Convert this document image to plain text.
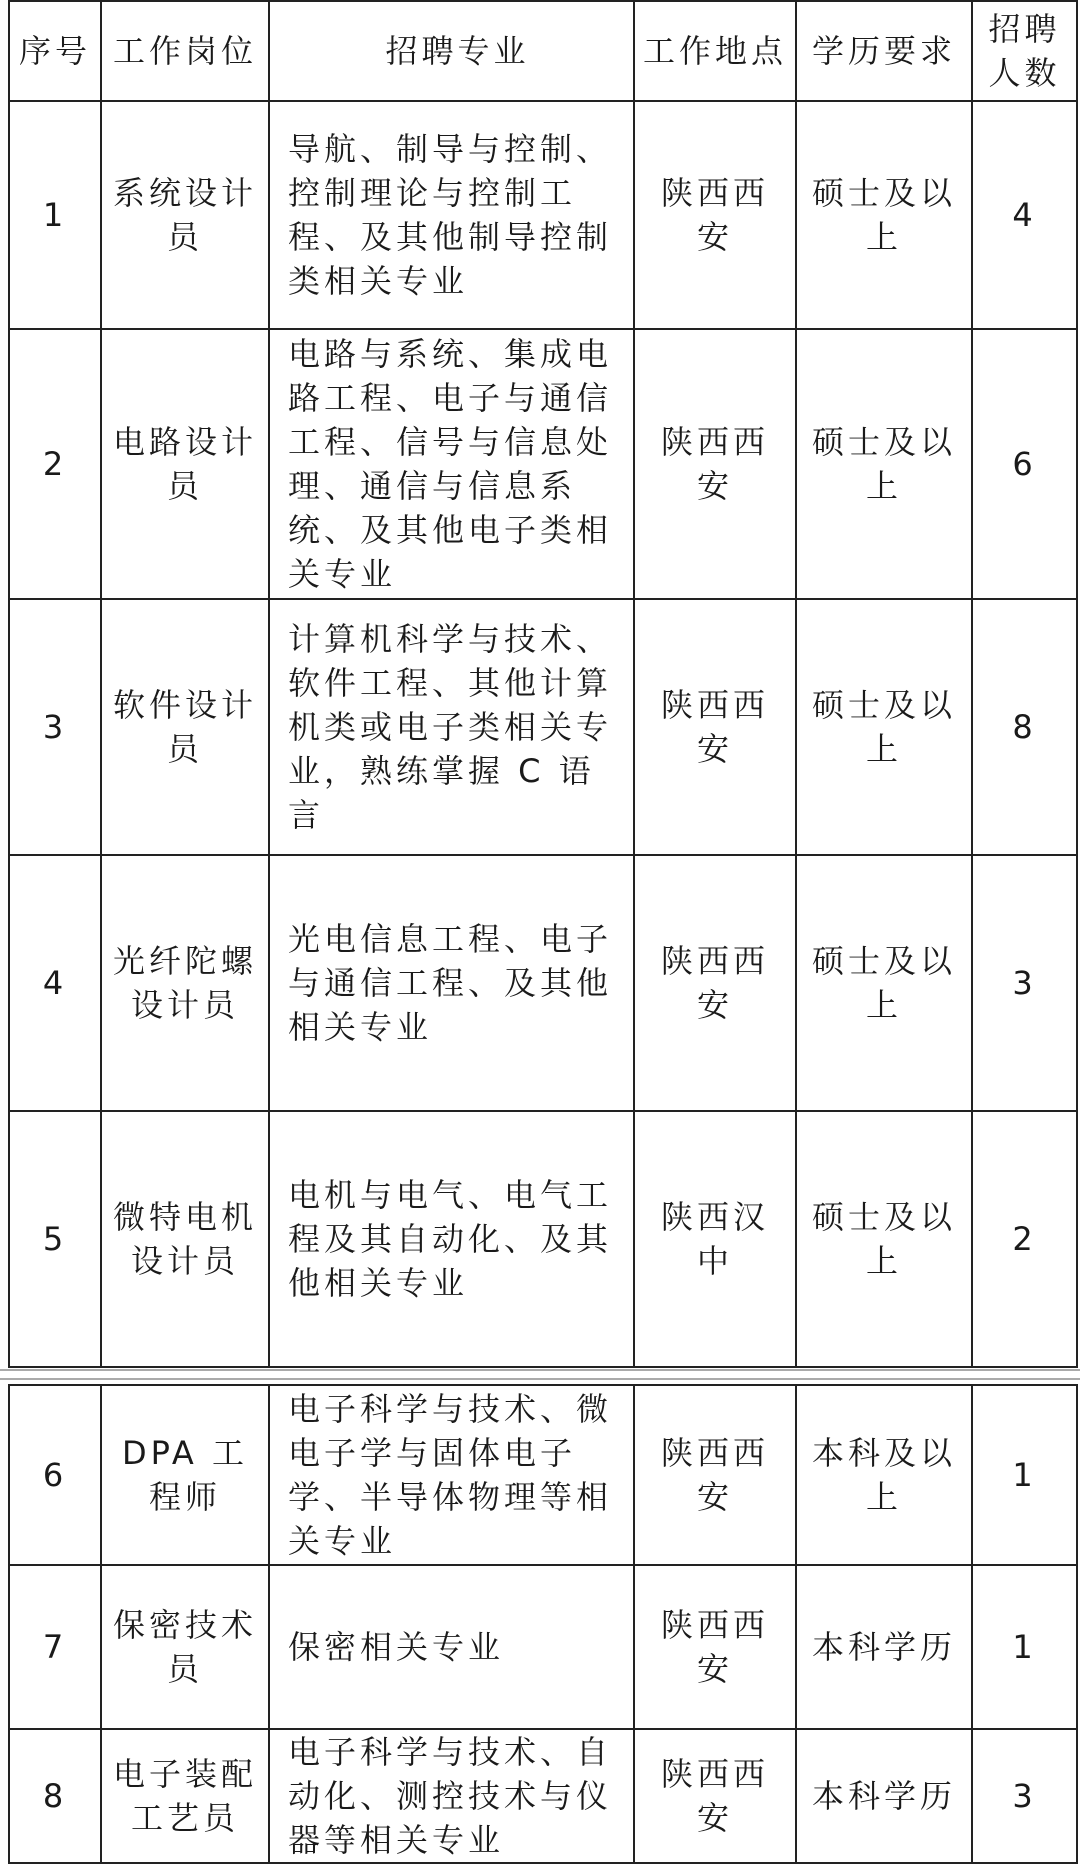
序号	工作岗位	招聘专业	工作地点	学历要求	招聘人数

1	系统设计员	导航、制导与控制、控制理论与控制工程、及其他制导控制类相关专业	陕西西安	硕士及以上	4

2	电路设计员	电路与系统、集成电路工程、电子与通信工程、信号与信息处理、通信与信息系统、及其他电子类相关专业	陕西西安	硕士及以上	6

3	软件设计员	计算机科学与技术、软件工程、其他计算机类或电子类相关专业，熟练掌握 C 语言	陕西西安	硕士及以上	8

4	光纤陀螺设计员	光电信息工程、电子与通信工程、及其他相关专业	陕西西安	硕士及以上	3

5	微特电机设计员	电机与电气、电气工程及其自动化、及其他相关专业	陕西汉中	硕士及以上	2
6	DPA 工程师	电子科学与技术、微电子学与固体电子学、半导体物理等相关专业	陕西西安	本科及以上	1

7	保密技术员	保密相关专业	陕西西安	本科学历	1

8	电子装配工艺员	电子科学与技术、自动化、测控技术与仪器等相关专业	陕西西安	本科学历	3
